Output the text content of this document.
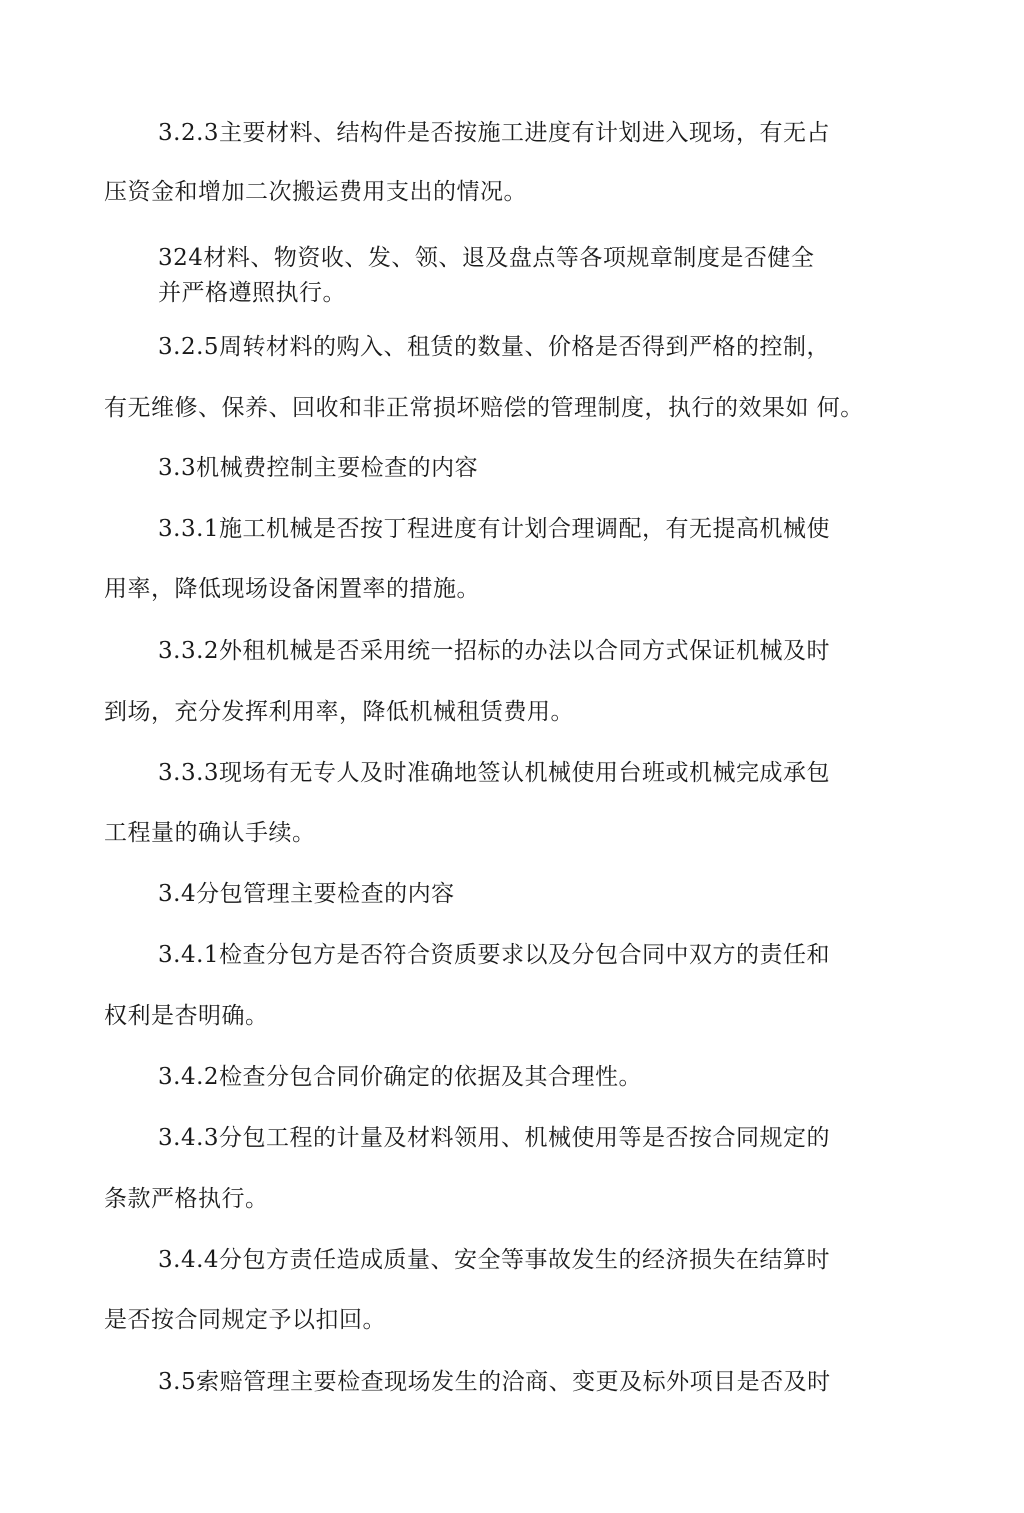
3.2.3主要材料、结构件是否按施工进度有计划进入现场，有无占
压资金和增加二次搬运费用支出的情况。
324材料、物资收、发、领、退及盘点等各项规章制度是否健全
并严格遵照执行。
3.2.5周转材料的购入、租赁的数量、价格是否得到严格的控制，
有无维修、保养、回收和非正常损坏赔偿的管理制度，执行的效果如 何。
3.3机械费控制主要检查的内容
3.3.1施工机械是否按丁程进度有计划合理调配，有无提高机械使
用率，降低现场设备闲置率的措施。
3.3.2外租机械是否采用统一招标的办法以合同方式保证机械及时
到场，充分发挥利用率，降低机械租赁费用。
3.3.3现场有无专人及时准确地签认机械使用台班或机械完成承包
工程量的确认手续。
3.4分包管理主要检查的内容
3.4.1检查分包方是否符合资质要求以及分包合同中双方的责任和
权利是杏明确。
3.4.2检查分包合同价确定的依据及其合理性。
3.4.3分包工程的计量及材料领用、机械使用等是否按合同规定的
条款严格执行。
3.4.4分包方责任造成质量、安全等事故发生的经济损失在结算时
是否按合同规定予以扣回。
3.5索赔管理主要检查现场发生的洽商、变更及标外项目是否及时
